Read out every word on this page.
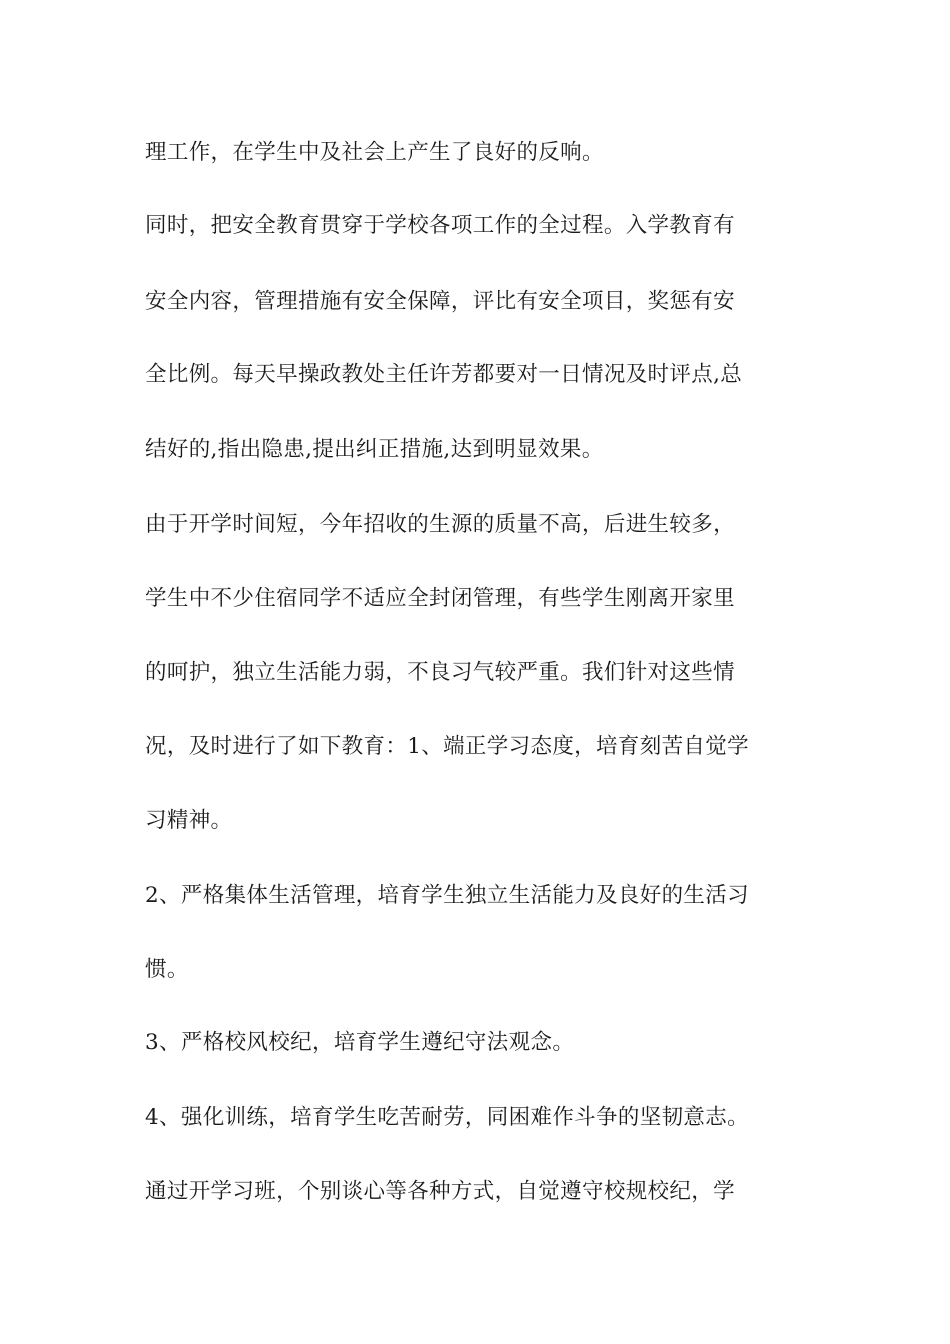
理工作，在学生中及社会上产生了良好的反响。
同时，把安全教育贯穿于学校各项工作的全过程。入学教育有
安全内容，管理措施有安全保障，评比有安全项目，奖惩有安
全比例。每天早操政教处主任许芳都要对一日情况及时评点,总
结好的,指出隐患,提出纠正措施,达到明显效果。
由于开学时间短，今年招收的生源的质量不高，后进生较多，
学生中不少住宿同学不适应全封闭管理，有些学生刚离开家里
的呵护，独立生活能力弱，不良习气较严重。我们针对这些情
况，及时进行了如下教育：1、端正学习态度，培育刻苦自觉学
习精神。
2、严格集体生活管理，培育学生独立生活能力及良好的生活习
惯。
3、严格校风校纪，培育学生遵纪守法观念。
4、强化训练，培育学生吃苦耐劳，同困难作斗争的坚韧意志。
通过开学习班，个别谈心等各种方式，自觉遵守校规校纪，学
